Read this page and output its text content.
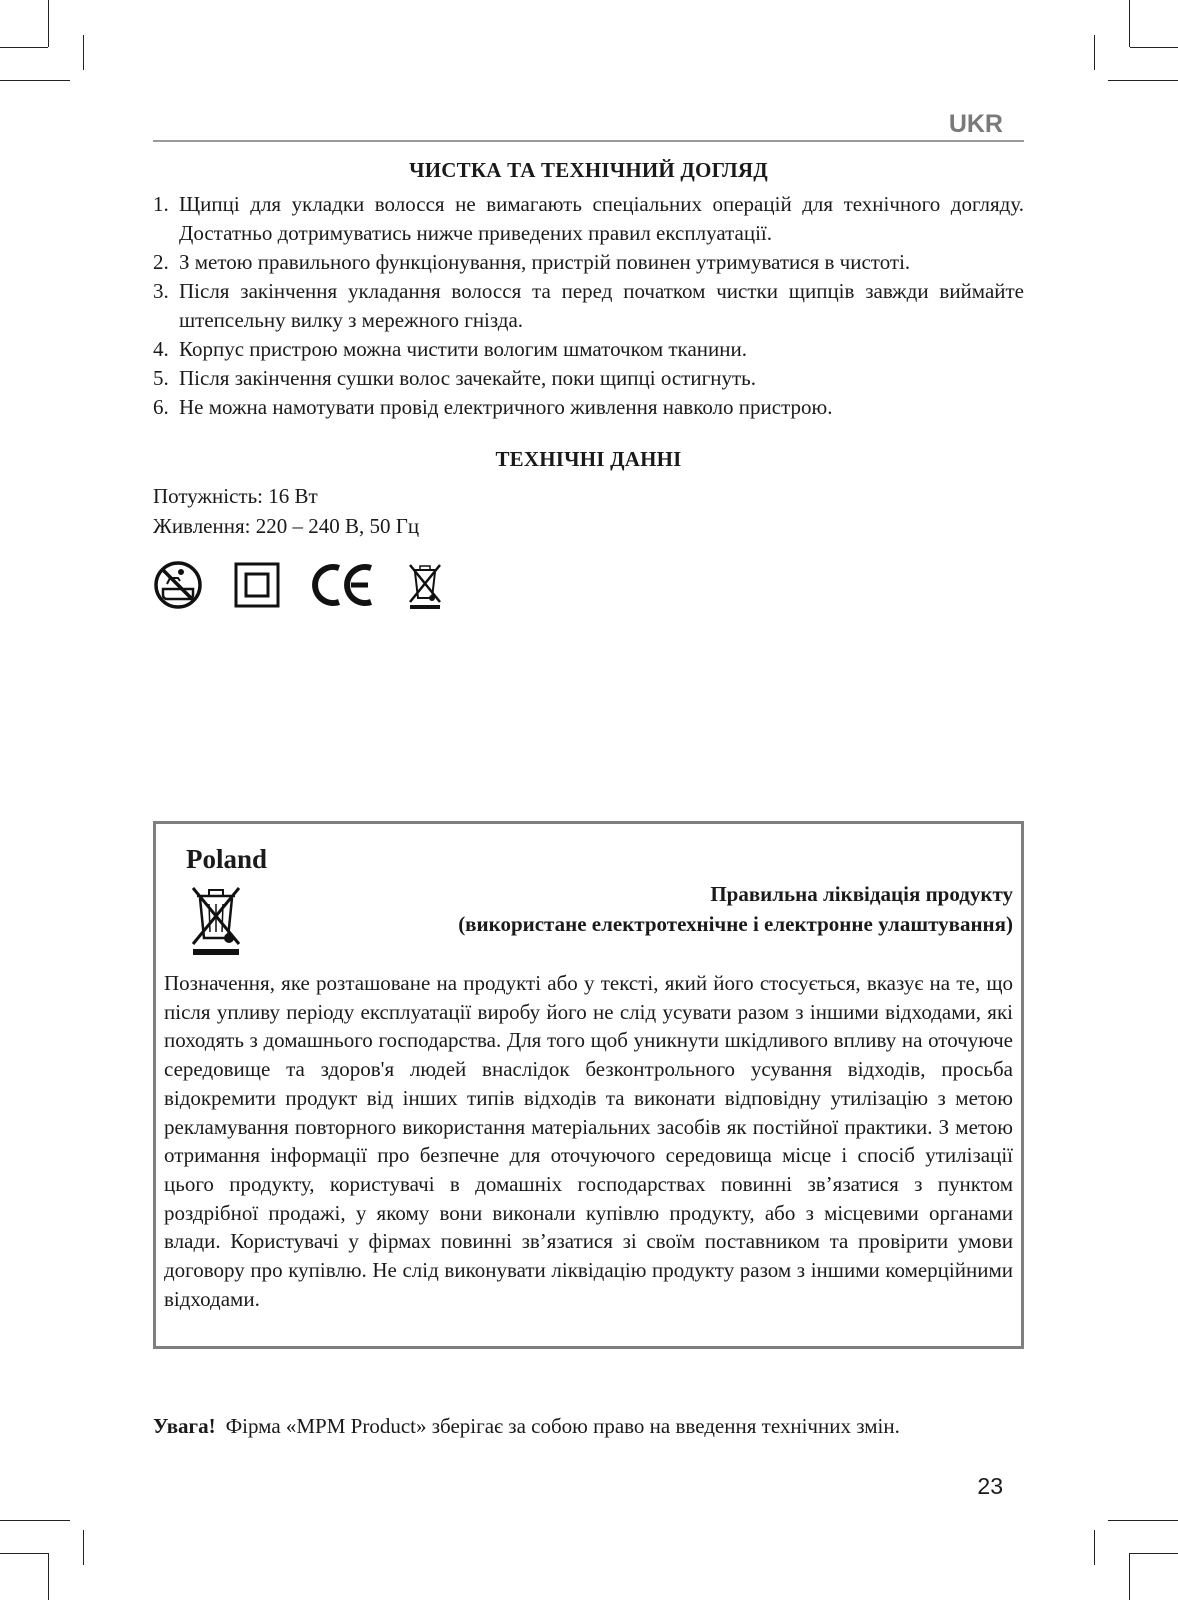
UKR
ЧИСТКА ТА ТЕХНІЧНИЙ ДОГЛЯД
1. Щипці для укладки волосся не вимагають спеціальних операцій для технічного догляду. Достатньо дотримуватись нижче приведених правил експлуатації.
2. З метою правильного функціонування, пристрій повинен утримуватися в чистоті.
3. Після закінчення укладання волосся та перед початком чистки щипців завжди виймайте штепсельну вилку з мережного гнізда.
4. Корпус пристрою можна чистити вологим шматочком тканини.
5. Після закінчення сушки волос зачекайте, поки щипці остигнуть.
6. Не можна намотувати провід електричного живлення навколо пристрою.
ТЕХНІЧНІ ДАННІ
Потужність: 16 Вт
Живлення: 220 – 240 В, 50 Гц
Poland
Правильна ліквідація продукту
(використане електротехнічне і електронне улаштування)
Позначення, яке розташоване на продукті або у тексті, який його стосується, вказує на те, що після упливу періоду експлуатації виробу його не слід усувати разом з іншими відходами, які походять з домашнього господарства. Для того щоб уникнути шкідливого впливу на оточуюче середовище та здоров'я людей внаслідок безконтрольного усування відходів, просьба відокремити продукт від інших типів відходів та виконати відповідну утилізацію з метою рекламування повторного використання матеріальних засобів як постійної практики. З метою отримання інформації про безпечне для оточуючого середовища місце і спосіб утилізації цього продукту, користувачі в домашніх господарствах повинні зв’язатися з пунктом роздрібної продажі, у якому вони виконали купівлю продукту, або з місцевими органами влади. Користувачі у фірмах повинні зв’язатися зі своїм поставником та провірити умови договору про купівлю. Не слід виконувати ліквідацію продукту разом з іншими комерційними відходами.
Увага! Фірма «MPM Product» зберігає за собою право на введення технічних змін.
23
